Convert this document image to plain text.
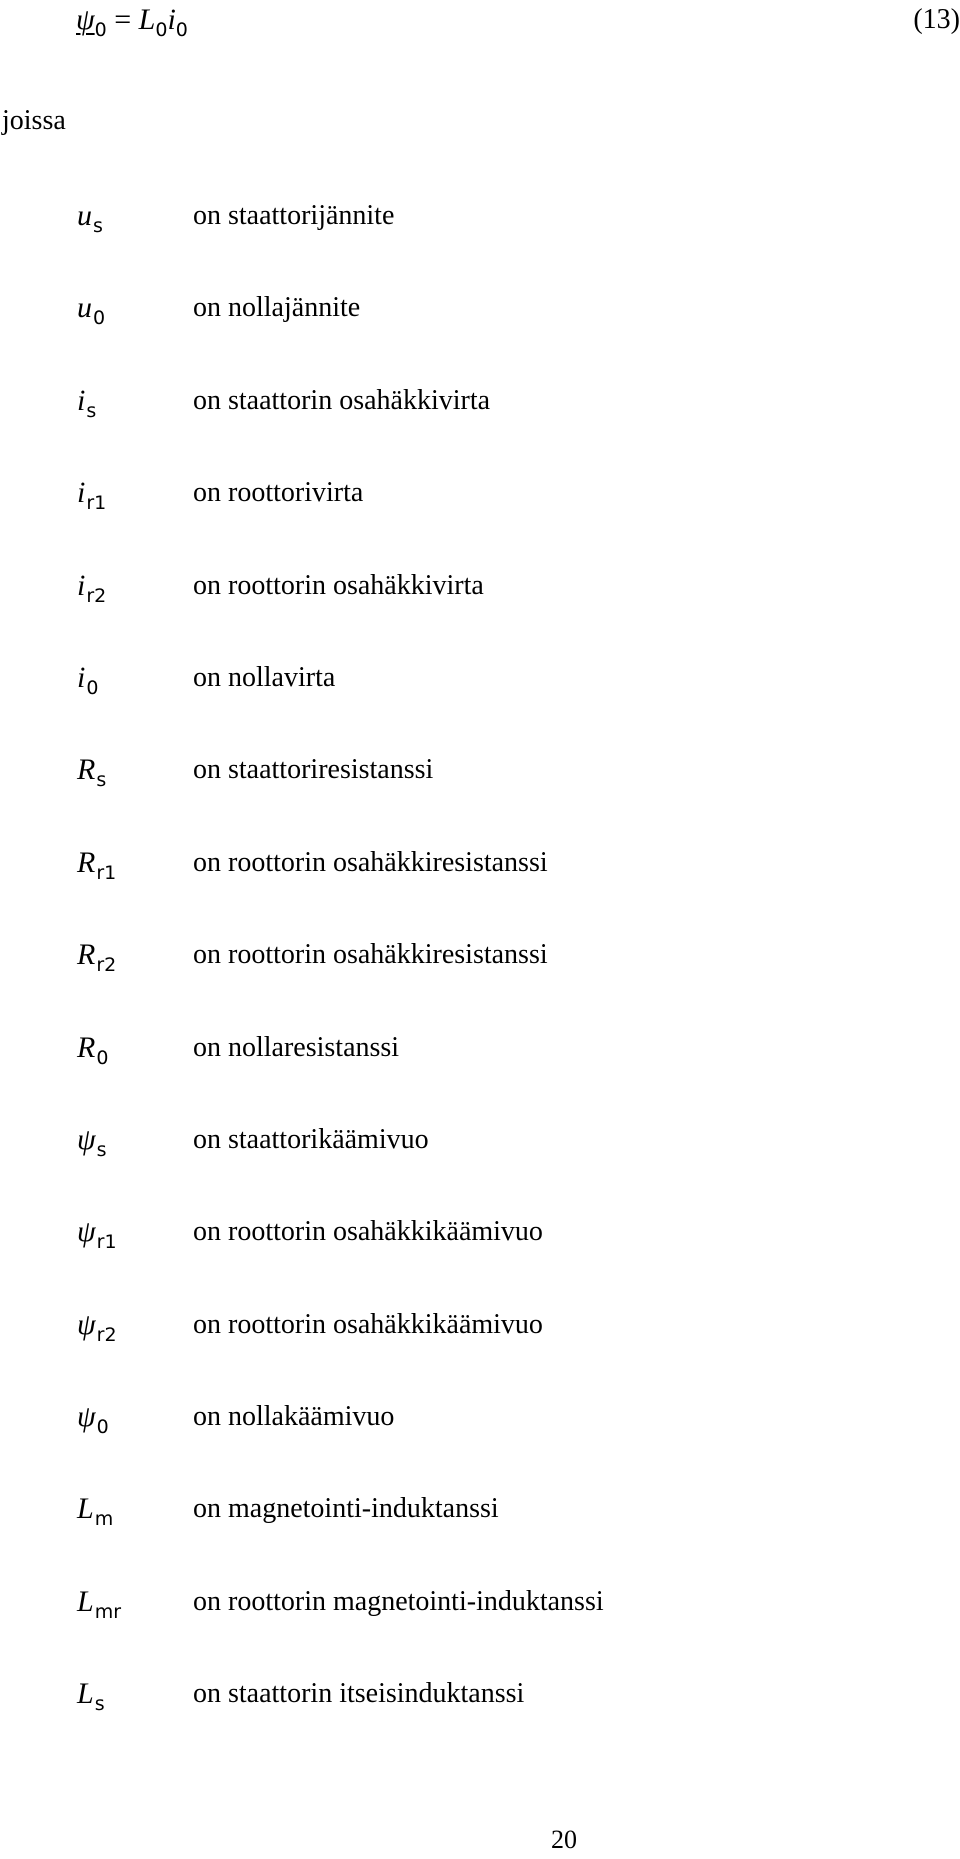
$\psi_0 = L_0i_0$	(13)
joissa
$u_s$	on staattorijännite
$u_0$	on nollajännite
$i_s$	on staattorin osahäkkivirta
$i_{r1}$	on roottorivirta
$i_{r2}$	on roottorin osahäkkivirta
$i_0$	on nollavirta
$R_s$	on staattoriresistanssi
$R_{r1}$	on roottorin osahäkkiresistanssi
$R_{r2}$	on roottorin osahäkkiresistanssi
$R_0$	on nollaresistanssi
$\psi_s$	on staattorikäämivuo
$\psi_{r1}$	on roottorin osahäkkikäämivuo
$\psi_{r2}$	on roottorin osahäkkikäämivuo
$\psi_0$	on nollakäämivuo
$L_m$	on magnetointi-induktanssi
$L_{mr}$	on roottorin magnetointi-induktanssi
$L_s$	on staattorin itseisinduktanssi
20
